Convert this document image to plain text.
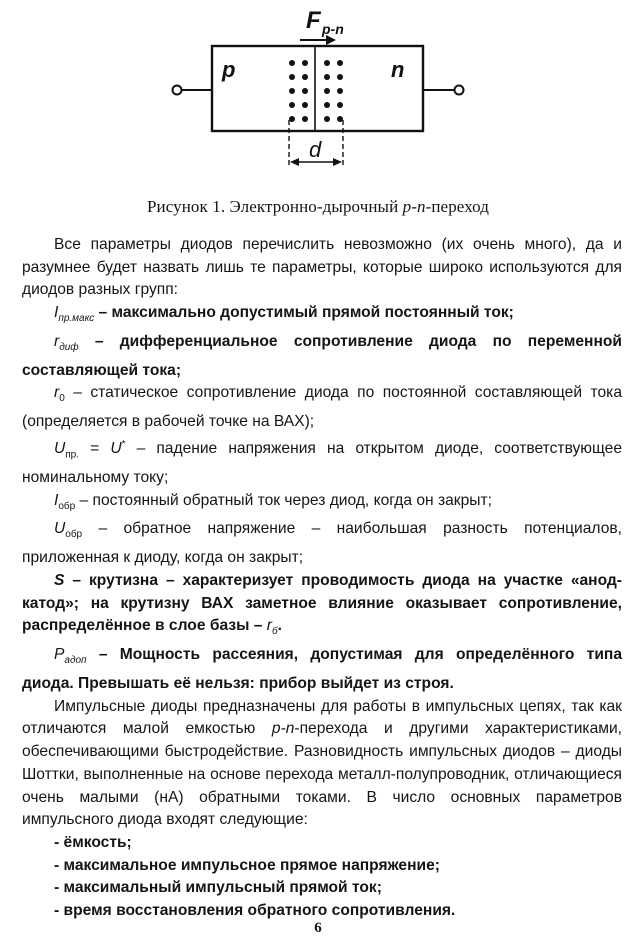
F p-n
p	n
d
Рисунок 1. Электронно-дырочный p-n-переход

Все параметры диодов перечислить невозможно (их очень много), да и разумнее будет назвать лишь те параметры, которые широко используются для диодов разных групп:

$I_{пр.макс}$ – максимально допустимый прямой постоянный ток;

$r_{диф}$ – дифференциальное сопротивление диода по переменной составляющей тока;

$r_0$ – статическое сопротивление диода по постоянной составляющей тока (определяется в рабочей точке на ВАХ);

$U_{пр.} = U^*$ – падение напряжения на открытом диоде, соответствующее номинальному току;

$I_{обр}$ – постоянный обратный ток через диод, когда он закрыт;

$U_{обр}$ – обратное напряжение – наибольшая разность потенциалов, приложенная к диоду, когда он закрыт;

S – крутизна – характеризует проводимость диода на участке «анод-катод»; на крутизну ВАХ заметное влияние оказывает сопротивление, распределённое в слое базы – $r_б$.

$P_{адоп}$ – Мощность рассеяния, допустимая для определённого типа диода. Превышать её нельзя: прибор выйдет из строя.

Импульсные диоды предназначены для работы в импульсных цепях, так как отличаются малой емкостью p-n-перехода и другими характеристиками, обеспечивающими быстродействие. Разновидность импульсных диодов – диоды Шоттки, выполненные на основе перехода металл-полупроводник, отличающиеся очень малыми (нА) обратными токами. В число основных параметров импульсного диода входят следующие:

- ёмкость;

- максимальное импульсное прямое напряжение;

- максимальный импульсный прямой ток;

- время восстановления обратного сопротивления.

6
